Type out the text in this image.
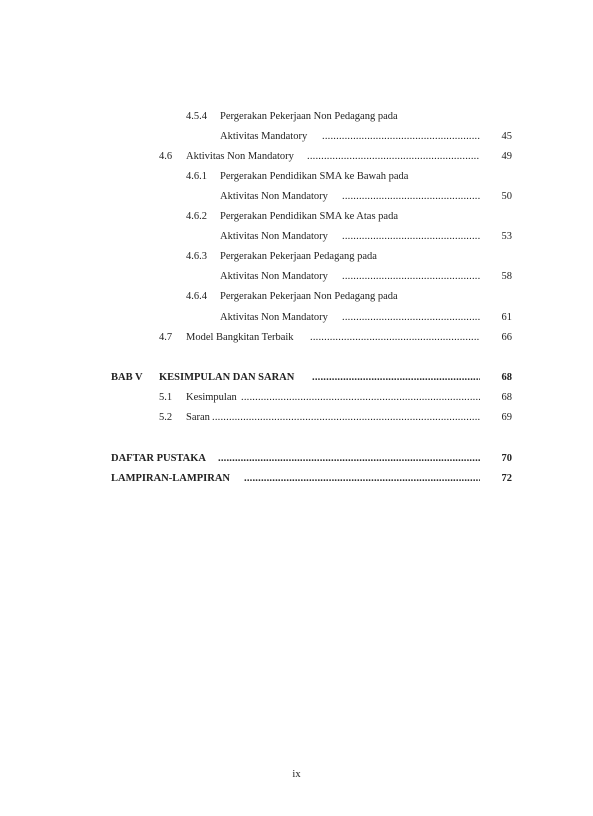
4.5.4 Pergerakan Pekerjaan Non Pedagang pada
Aktivitas Mandatory .....	45
4.6 Aktivitas Non Mandatory .....	49
4.6.1 Pergerakan Pendidikan SMA ke Bawah pada
Aktivitas Non Mandatory .....	50
4.6.2 Pergerakan Pendidikan SMA ke Atas pada
Aktivitas Non Mandatory .....	53
4.6.3 Pergerakan Pekerjaan Pedagang pada
Aktivitas Non Mandatory .....	58
4.6.4 Pergerakan Pekerjaan Non Pedagang pada
Aktivitas Non Mandatory .....	61
4.7 Model Bangkitan Terbaik .....	66
BAB V KESIMPULAN DAN SARAN .....	68
5.1 Kesimpulan .....	68
5.2 Saran .....	69
DAFTAR PUSTAKA .....	70
LAMPIRAN-LAMPIRAN .....	72
ix
